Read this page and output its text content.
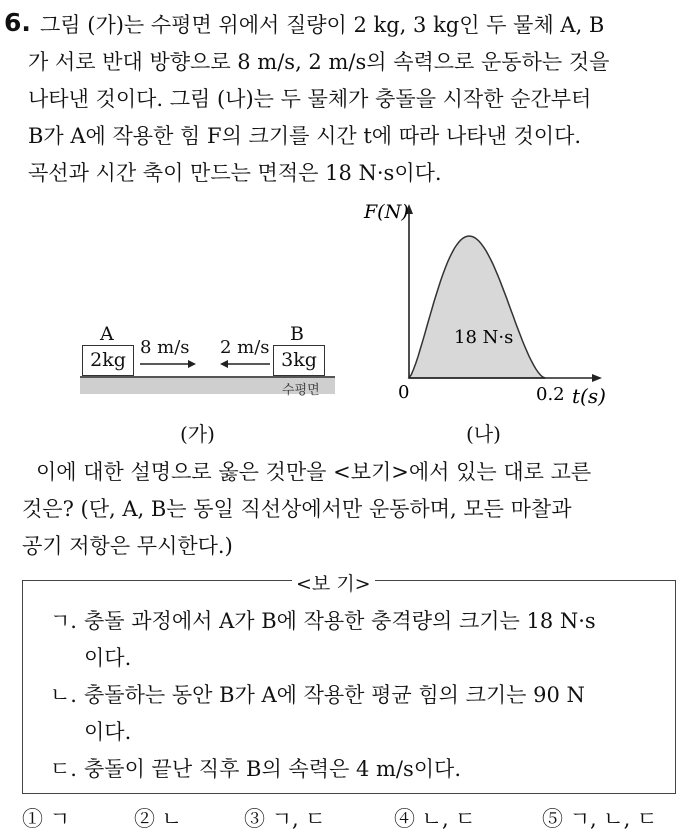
6. 그림 (가)는 수평면 위에서 질량이 2 kg, 3 kg인 두 물체 A, B
가 서로 반대 방향으로 8 m/s, 2 m/s의 속력으로 운동하는 것을
나타낸 것이다. 그림 (나)는 두 물체가 충돌을 시작한 순간부터
B가 A에 작용한 힘 F의 크기를 시간 t에 따라 나타낸 것이다.
곡선과 시간 축이 만드는 면적은 18 N·s이다.
A	B
2kg	3kg
8 m/s 2 m/s
수평면
(가)
F(N)
0	0.2 t(s)
18 N·s
(나)
이에 대한 설명으로 옳은 것만을 <보기>에서 있는 대로 고른
것은? (단, A, B는 동일 직선상에서만 운동하며, 모든 마찰과
공기 저항은 무시한다.)
<보 기>
ㄱ. 충돌 과정에서 A가 B에 작용한 충격량의 크기는 18 N·s
이다.
ㄴ. 충돌하는 동안 B가 A에 작용한 평균 힘의 크기는 90 N
이다.
ㄷ. 충돌이 끝난 직후 B의 속력은 4 m/s이다.
① ㄱ	② ㄴ	③ ㄱ, ㄷ	④ ㄴ, ㄷ	⑤ ㄱ, ㄴ, ㄷ
